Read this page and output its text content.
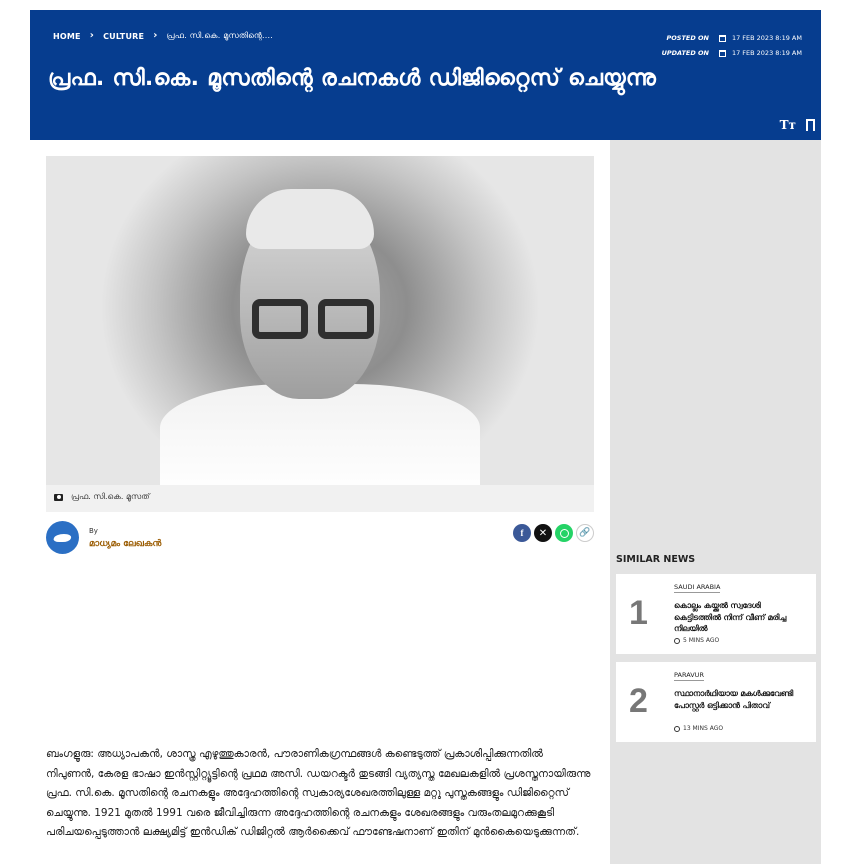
HOME › CULTURE › പ്രഫ. സി.കെ. മൂസതിന്റെ....	POSTED ON	17 FEB 2023 8:19 AM
UPDATED ON	17 FEB 2023 8:19 AM
പ്രഫ. സി.കെ. മൂസതിന്റെ രചനകൾ ഡിജിറ്റൈസ് ചെയ്യുന്നു
Tт
പ്രഫ. സി.കെ. മൂസത്
By
മാധ്യമം ലേഖകൻ
f	✕	🔗

ബംഗളൂരു: അധ്യാപകൻ, ശാസ്ത്ര എഴുത്തുകാരൻ, പൗരാണികഗ്രന്ഥങ്ങൾ കണ്ടെടുത്ത് പ്രകാശിപ്പിക്കുന്നതിൽ നിപുണൻ, കേരള ഭാഷാ ഇൻസ്റ്റിറ്റ്യൂട്ടിന്റെ പ്രഥമ അസി. ഡയറക്ടർ തുടങ്ങി വ്യത്യസ്ത മേഖലകളിൽ പ്രശസ്തനായിരുന്നു പ്രഫ. സി.കെ. മൂസതിന്റെ രചനകളും അദ്ദേഹത്തിന്റെ സ്വകാര്യശേഖരത്തിലുള്ള മറ്റു പുസ്തകങ്ങളും ഡിജിറ്റൈസ് ചെയ്യുന്നു. 1921 മുതൽ 1991 വരെ ജീവിച്ചിരുന്ന അദ്ദേഹത്തിന്റെ രചനകളും ശേഖരങ്ങളും വരുംതലമുറക്കുകൂടി പരിചയപ്പെടുത്താൻ ലക്ഷ്യമിട്ട് ഇൻഡിക് ഡിജിറ്റൽ ആർക്കൈവ് ഫൗണ്ടേഷനാണ് ഇതിന് മുൻകൈയെടുക്കുന്നത്.

SIMILAR NEWS
1
SAUDI ARABIA
കൊല്ലം കയ്ക്കൽ സ്വദേശി കെട്ടിടത്തിൽ നിന്ന് വീണ് മരിച്ച നിലയിൽ
5 MINS AGO
2
PARAVUR
സ്ഥാനാർഥിയായ മകൾക്കുവേണ്ടി പോസ്റ്റർ ഒട്ടിക്കാൻ പിതാവ്
13 MINS AGO
